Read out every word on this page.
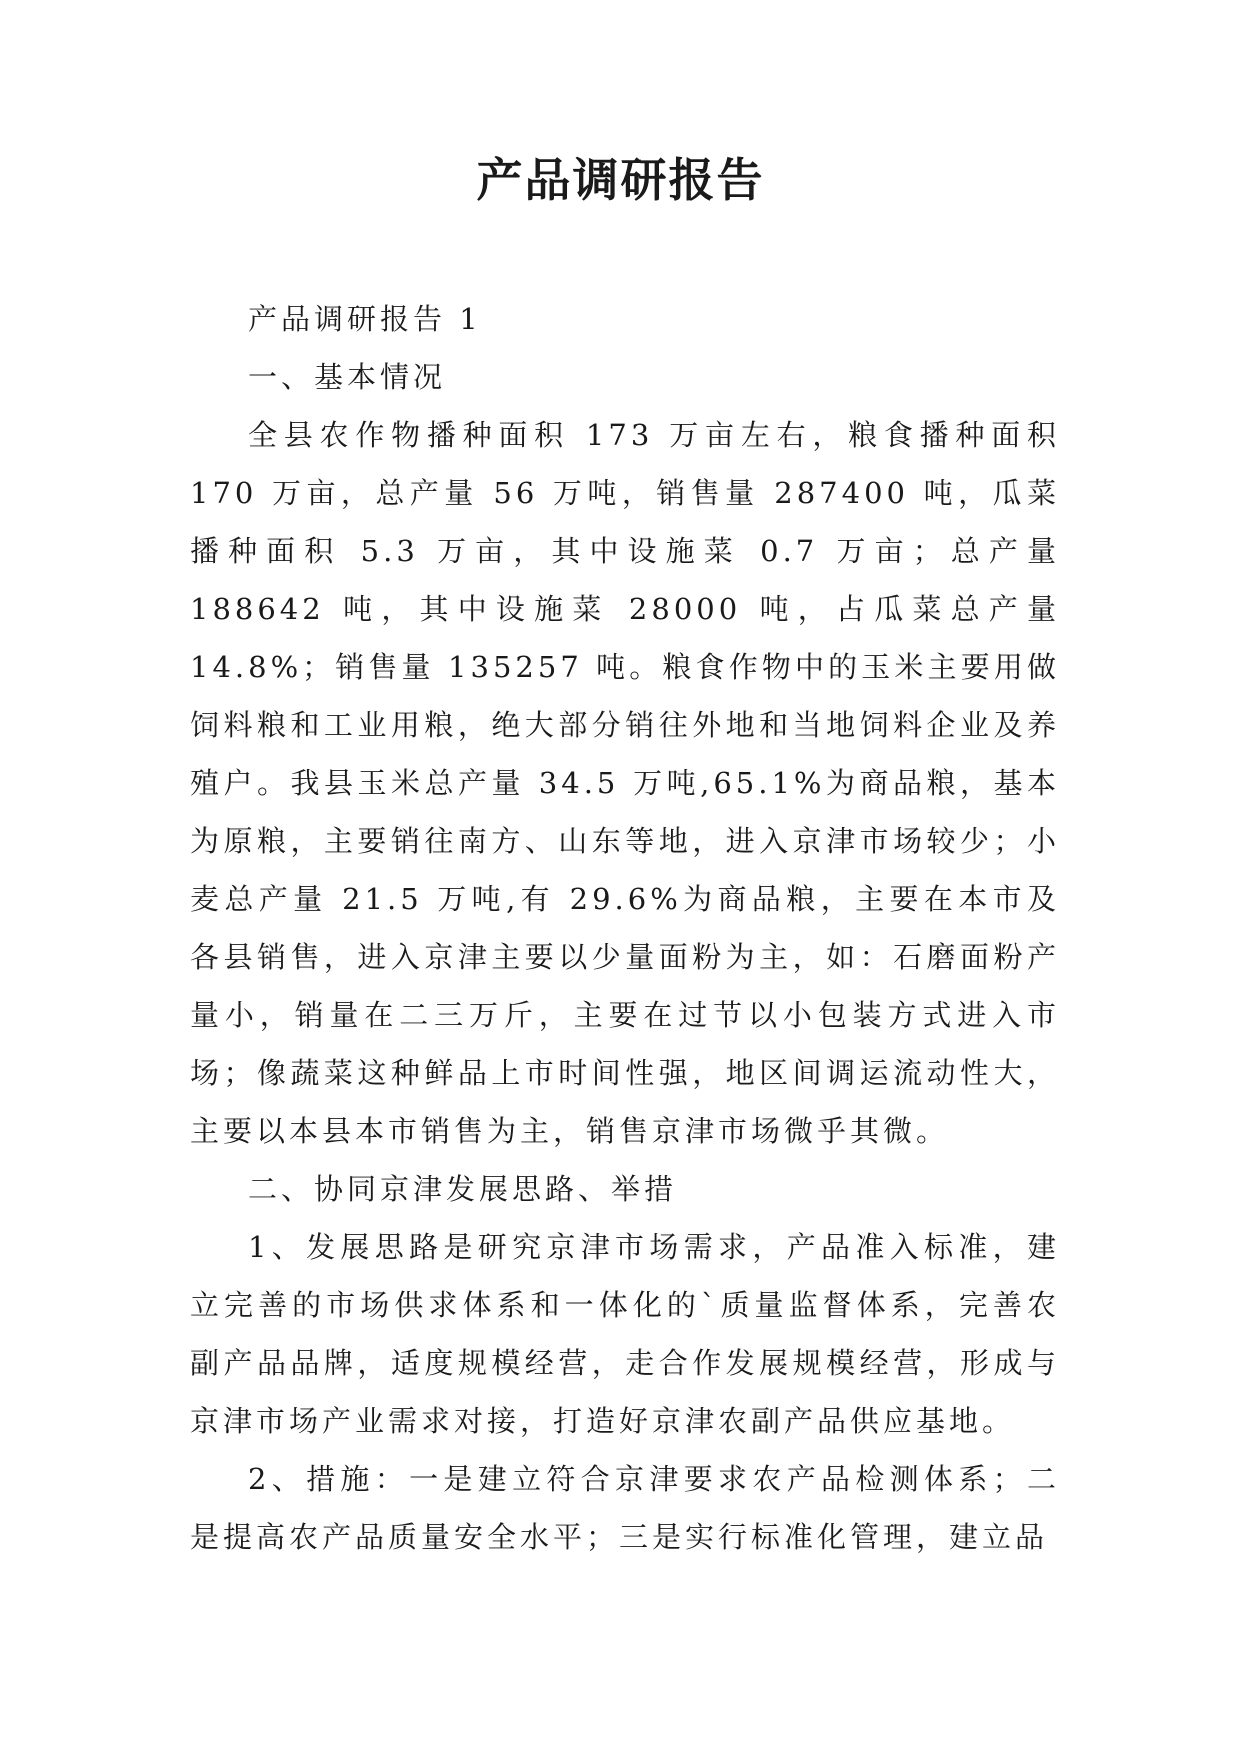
产品调研报告

产品调研报告 1

一、基本情况

全县农作物播种面积 173 万亩左右，粮食播种面积 170 万亩，总产量 56 万吨，销售量 287400 吨，瓜菜播种面积 5.3 万亩，其中设施菜 0.7 万亩；总产量 188642 吨，其中设施菜 28000 吨，占瓜菜总产量 14.8%；销售量 135257 吨。粮食作物中的玉米主要用做饲料粮和工业用粮，绝大部分销往外地和当地饲料企业及养殖户。我县玉米总产量 34.5 万吨,65.1%为商品粮，基本为原粮，主要销往南方、山东等地，进入京津市场较少；小麦总产量 21.5 万吨,有 29.6%为商品粮，主要在本市及各县销售，进入京津主要以少量面粉为主，如：石磨面粉产量小，销量在二三万斤，主要在过节以小包装方式进入市场；像蔬菜这种鲜品上市时间性强，地区间调运流动性大，主要以本县本市销售为主，销售京津市场微乎其微。

二、协同京津发展思路、举措

1、发展思路是研究京津市场需求，产品准入标准，建立完善的市场供求体系和一体化的`质量监督体系，完善农副产品品牌，适度规模经营，走合作发展规模经营，形成与京津市场产业需求对接，打造好京津农副产品供应基地。

2、措施：一是建立符合京津要求农产品检测体系；二是提高农产品质量安全水平；三是实行标准化管理，建立品
